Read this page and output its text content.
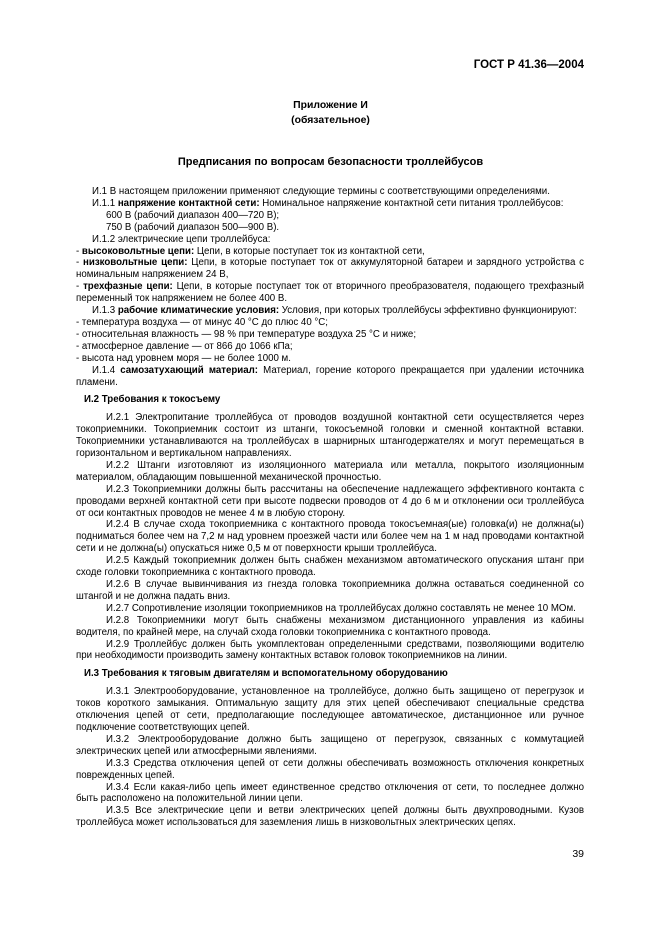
ГОСТ Р 41.36—2004
Приложение И
(обязательное)
Предписания по вопросам безопасности троллейбусов

И.1 В настоящем приложении применяют следующие термины с соответствующими определениями.

И.1.1 напряжение контактной сети: Номинальное напряжение контактной сети питания троллейбусов:

600 В (рабочий диапазон 400—720 В);

750 В (рабочий диапазон 500—900 В).

И.1.2 электрические цепи троллейбуса:

- высоковольтные цепи: Цепи, в которые поступает ток из контактной сети,

- низковольтные цепи: Цепи, в которые поступает ток от аккумуляторной батареи и зарядного устройства с номинальным напряжением 24 В,

- трехфазные цепи: Цепи, в которые поступает ток от вторичного преобразователя, подающего трехфазный переменный ток напряжением не более 400 В.

И.1.3 рабочие климатические условия: Условия, при которых троллейбусы эффективно функционируют:

- температура воздуха — от минус 40 °С до плюс 40 °С;

- относительная влажность — 98 % при температуре воздуха 25 °С и ниже;

- атмосферное давление — от 866 до 1066 кПа;

- высота над уровнем моря — не более 1000 м.

И.1.4 самозатухающий материал: Материал, горение которого прекращается при удалении источника пламени.

И.2 Требования к токосъему

И.2.1 Электропитание троллейбуса от проводов воздушной контактной сети осуществляется через токоприемники. Токоприемник состоит из штанги, токосъемной головки и сменной контактной вставки. Токоприемники устанавливаются на троллейбусах в шарнирных штангодержателях и могут перемещаться в горизонтальном и вертикальном направлениях.

И.2.2 Штанги изготовляют из изоляционного материала или металла, покрытого изоляционным материалом, обладающим повышенной механической прочностью.

И.2.3 Токоприемники должны быть рассчитаны на обеспечение надлежащего эффективного контакта с проводами верхней контактной сети при высоте подвески проводов от 4 до 6 м и отклонении оси троллейбуса от оси контактных проводов не менее 4 м в любую сторону.

И.2.4 В случае схода токоприемника с контактного провода токосъемная(ые) головка(и) не должна(ы) подниматься более чем на 7,2 м над уровнем проезжей части или более чем на 1 м над проводами контактной сети и не должна(ы) опускаться ниже 0,5 м от поверхности крыши троллейбуса.

И.2.5 Каждый токоприемник должен быть снабжен механизмом автоматического опускания штанг при сходе головки токоприемника с контактного провода.

И.2.6 В случае вывинчивания из гнезда головка токоприемника должна оставаться соединенной со штангой и не должна падать вниз.

И.2.7 Сопротивление изоляции токоприемников на троллейбусах должно составлять не менее 10 МОм.

И.2.8 Токоприемники могут быть снабжены механизмом дистанционного управления из кабины водителя, по крайней мере, на случай схода головки токоприемника с контактного провода.

И.2.9 Троллейбус должен быть укомплектован определенными средствами, позволяющими водителю при необходимости производить замену контактных вставок головок токоприемников на линии.

И.3 Требования к тяговым двигателям и вспомогательному оборудованию

И.3.1 Электрооборудование, установленное на троллейбусе, должно быть защищено от перегрузок и токов короткого замыкания. Оптимальную защиту для этих цепей обеспечивают специальные средства отключения цепей от сети, предполагающие последующее автоматическое, дистанционное или ручное подключение соответствующих цепей.

И.3.2 Электрооборудование должно быть защищено от перегрузок, связанных с коммутацией электрических цепей или атмосферными явлениями.

И.3.3 Средства отключения цепей от сети должны обеспечивать возможность отключения конкретных поврежденных цепей.

И.3.4 Если какая-либо цепь имеет единственное средство отключения от сети, то последнее должно быть расположено на положительной линии цепи.

И.3.5 Все электрические цепи и ветви электрических цепей должны быть двухпроводными. Кузов троллейбуса может использоваться для заземления лишь в низковольтных электрических цепях.

39
